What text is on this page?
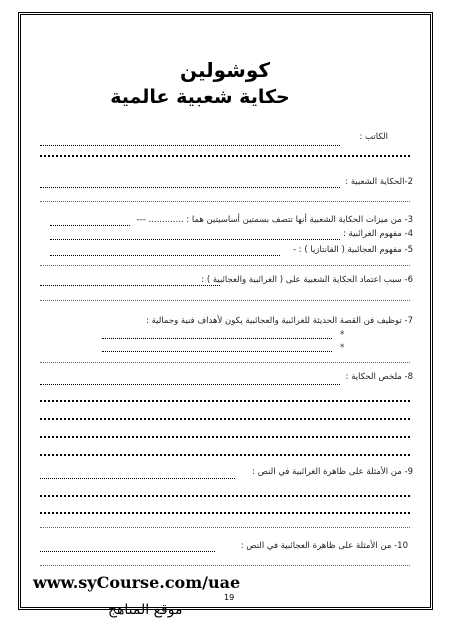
كوشولين
حكاية شعبية عالمية
الكاتب :
2-الحكاية الشعبية :
3- من ميزات الحكاية الشعبية أنها تتصف بسمتين أساسيتين هما : ............. ---
4- مفهوم الغرائبية :
5- مفهوم العجائبية ( الفانتازيا ) : -
6- سبب اعتماد الحكاية الشعبية على ( الغرائبية والعجائبية ) :
7- توظيف فن القصة الحديثة للغرائبية والعجائبية يكون لأهداف فنية وجمالية :
*
*
8- ملخص الحكاية :
9- من الأمثلة على ظاهرة الغرائبية في النص :
10- من الأمثلة على ظاهرة العجائبية في النص :
www.syCourse.com/uae
19
موقع المناهج
